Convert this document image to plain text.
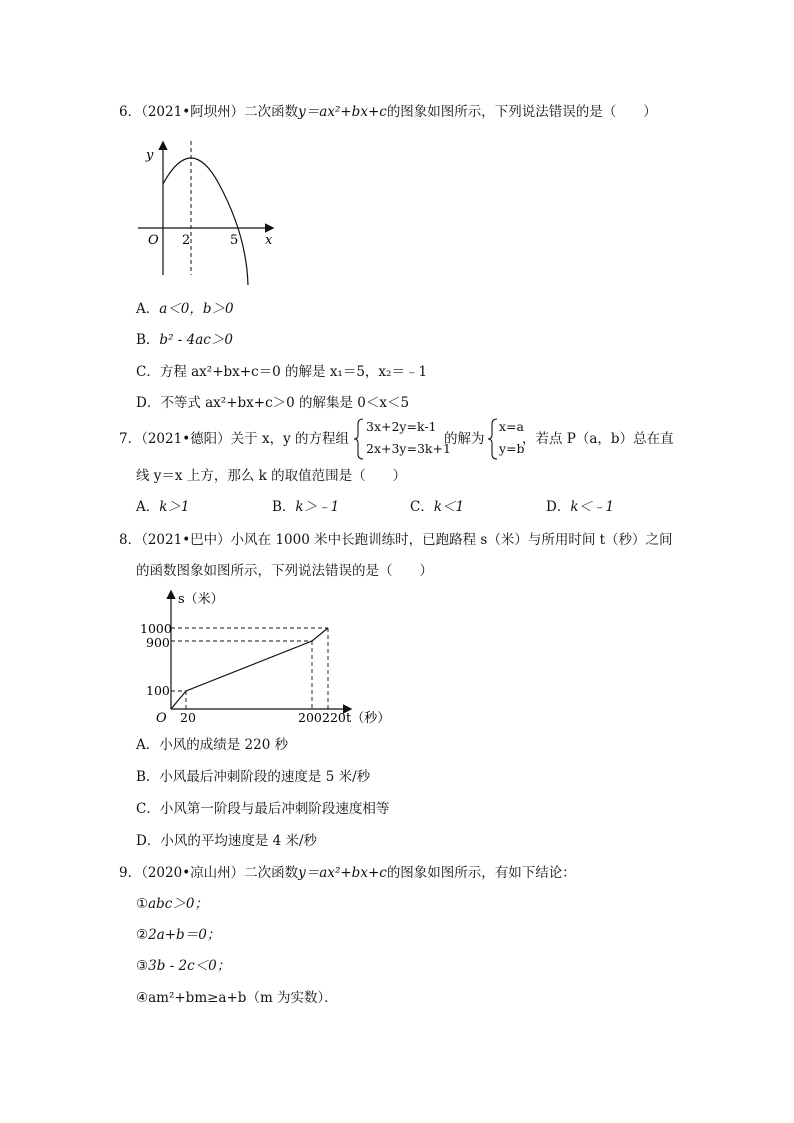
6．（2021•阿坝州）二次函数y＝ax²+bx+c的图象如图所示，下列说法错误的是（　　）
y
x
O 2	5
A．a＜0，b＞0
B．b² - 4ac＞0
C．方程 ax²+bx+c＝0 的解是 x₁＝5，x₂＝﹣1
D．不等式 ax²+bx+c＞0 的解集是 0＜x＜5
7．（2021•德阳）关于 x，y 的方程组
3x+2y=k-1
2x+3y=3k+1
的解为
x=a
y=b
，若点 P（a，b）总在直
线 y＝x 上方，那么 k 的取值范围是（　　）
A．k＞1	B．k＞﹣1	C．k＜1	D．k＜﹣1
8．（2021•巴中）小风在 1000 米中长跑训练时，已跑路程 s（米）与所用时间 t（秒）之间
的函数图象如图所示，下列说法错误的是（　　）
s（米）
t（秒）
O
1000
900
100
20	200 220
A．小风的成绩是 220 秒
B．小风最后冲刺阶段的速度是 5 米/秒
C．小风第一阶段与最后冲刺阶段速度相等
D．小风的平均速度是 4 米/秒
9．（2020•凉山州）二次函数y＝ax²+bx+c的图象如图所示，有如下结论：
①abc＞0；
②2a+b＝0；
③3b - 2c＜0；
④am²+bm≥a+b（m 为实数）．
